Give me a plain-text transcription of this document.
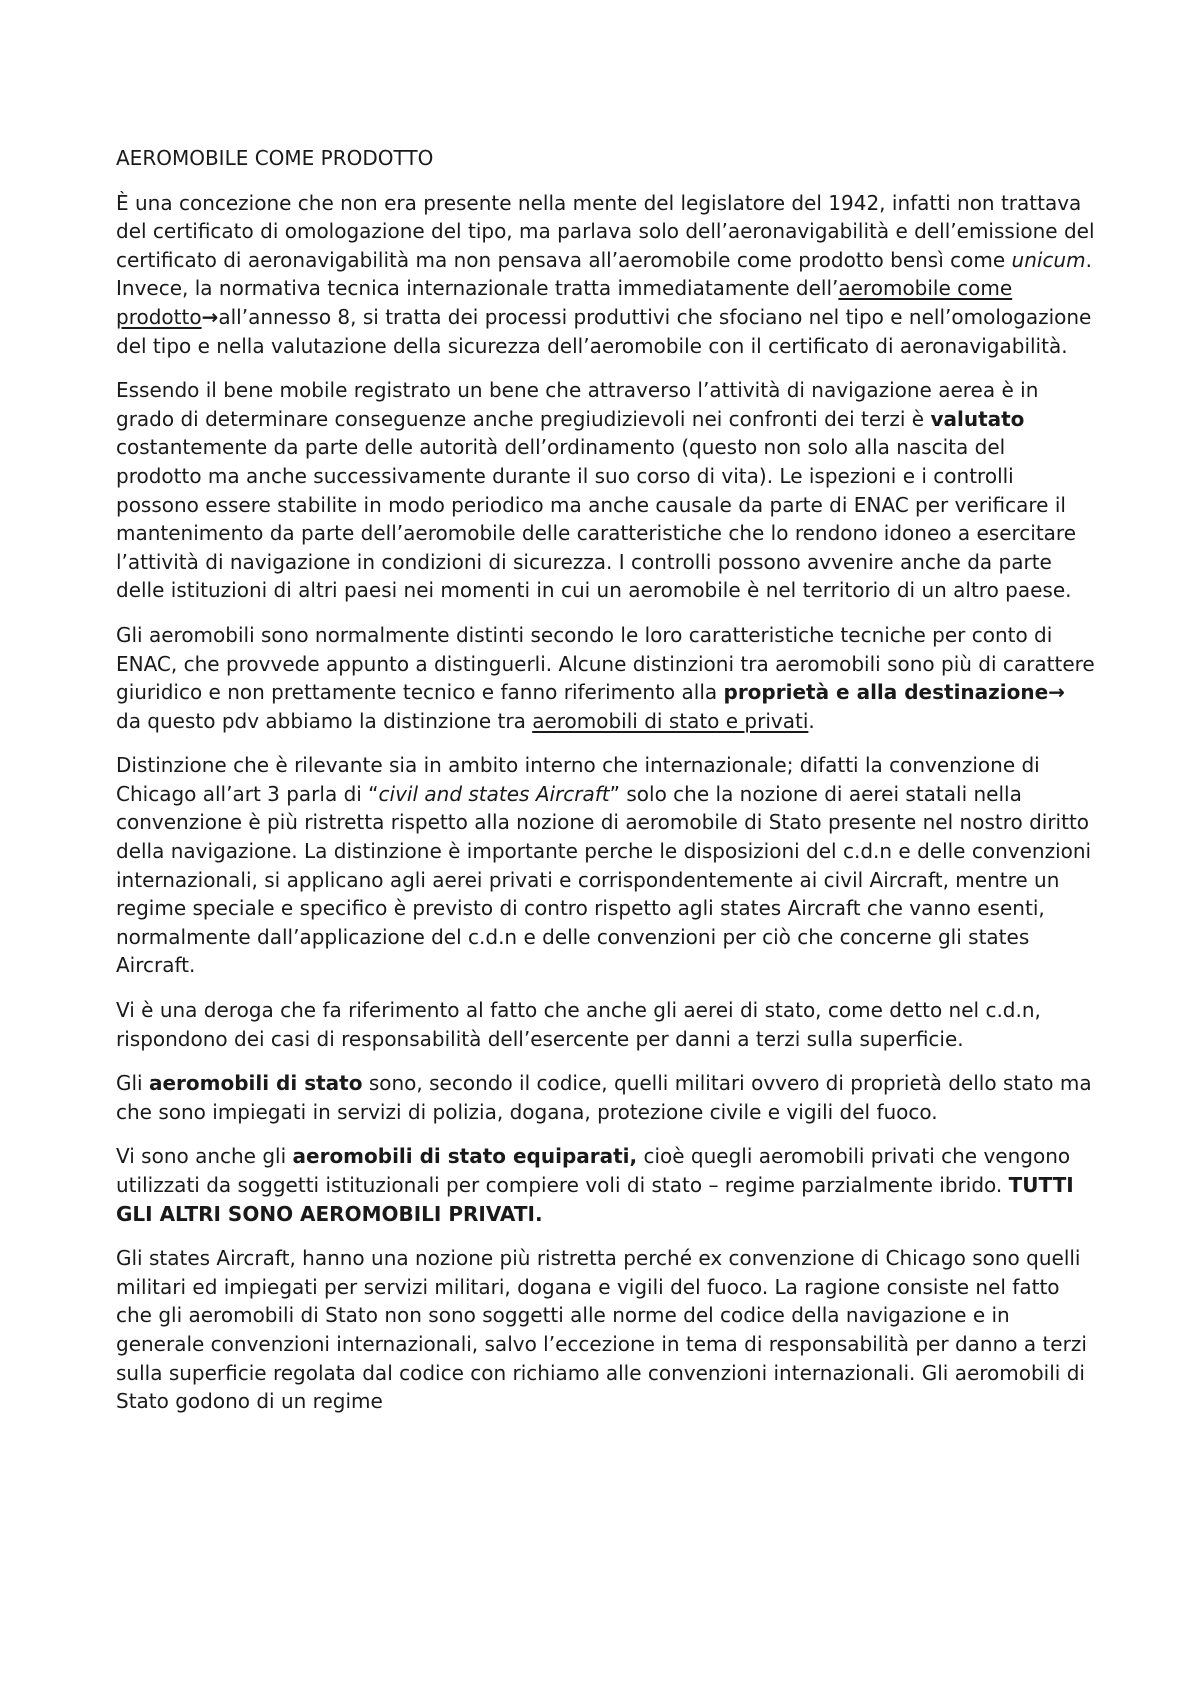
AEROMOBILE COME PRODOTTO

È una concezione che non era presente nella mente del legislatore del 1942, infatti non trattava del certificato di omologazione del tipo, ma parlava solo dell’aeronavigabilità e dell’emissione del certificato di aeronavigabilità ma non pensava all’aeromobile come prodotto bensì come unicum. Invece, la normativa tecnica internazionale tratta immediatamente dell’aeromobile come prodotto→all’annesso 8, si tratta dei processi produttivi che sfociano nel tipo e nell’omologazione del tipo e nella valutazione della sicurezza dell’aeromobile con il certificato di aeronavigabilità.

Essendo il bene mobile registrato un bene che attraverso l’attività di navigazione aerea è in grado di determinare conseguenze anche pregiudizievoli nei confronti dei terzi è valutato costantemente da parte delle autorità dell’ordinamento (questo non solo alla nascita del prodotto ma anche successivamente durante il suo corso di vita). Le ispezioni e i controlli possono essere stabilite in modo periodico ma anche causale da parte di ENAC per verificare il mantenimento da parte dell’aeromobile delle caratteristiche che lo rendono idoneo a esercitare l’attività di navigazione in condizioni di sicurezza. I controlli possono avvenire anche da parte delle istituzioni di altri paesi nei momenti in cui un aeromobile è nel territorio di un altro paese.

Gli aeromobili sono normalmente distinti secondo le loro caratteristiche tecniche per conto di ENAC, che provvede appunto a distinguerli. Alcune distinzioni tra aeromobili sono più di carattere giuridico e non prettamente tecnico e fanno riferimento alla proprietà e alla destinazione→ da questo pdv abbiamo la distinzione tra aeromobili di stato e privati.

Distinzione che è rilevante sia in ambito interno che internazionale; difatti la convenzione di Chicago all’art 3 parla di “civil and states Aircraft” solo che la nozione di aerei statali nella convenzione è più ristretta rispetto alla nozione di aeromobile di Stato presente nel nostro diritto della navigazione. La distinzione è importante perche le disposizioni del c.d.n e delle convenzioni internazionali, si applicano agli aerei privati e corrispondentemente ai civil Aircraft, mentre un regime speciale e specifico è previsto di contro rispetto agli states Aircraft che vanno esenti, normalmente dall’applicazione del c.d.n e delle convenzioni per ciò che concerne gli states Aircraft.

Vi è una deroga che fa riferimento al fatto che anche gli aerei di stato, come detto nel c.d.n, rispondono dei casi di responsabilità dell’esercente per danni a terzi sulla superficie.

Gli aeromobili di stato sono, secondo il codice, quelli militari ovvero di proprietà dello stato ma che sono impiegati in servizi di polizia, dogana, protezione civile e vigili del fuoco.

Vi sono anche gli aeromobili di stato equiparati, cioè quegli aeromobili privati che vengono utilizzati da soggetti istituzionali per compiere voli di stato – regime parzialmente ibrido. TUTTI GLI ALTRI SONO AEROMOBILI PRIVATI.

Gli states Aircraft, hanno una nozione più ristretta perché ex convenzione di Chicago sono quelli militari ed impiegati per servizi militari, dogana e vigili del fuoco. La ragione consiste nel fatto che gli aeromobili di Stato non sono soggetti alle norme del codice della navigazione e in generale convenzioni internazionali, salvo l’eccezione in tema di responsabilità per danno a terzi sulla superficie regolata dal codice con richiamo alle convenzioni internazionali. Gli aeromobili di Stato godono di un regime
